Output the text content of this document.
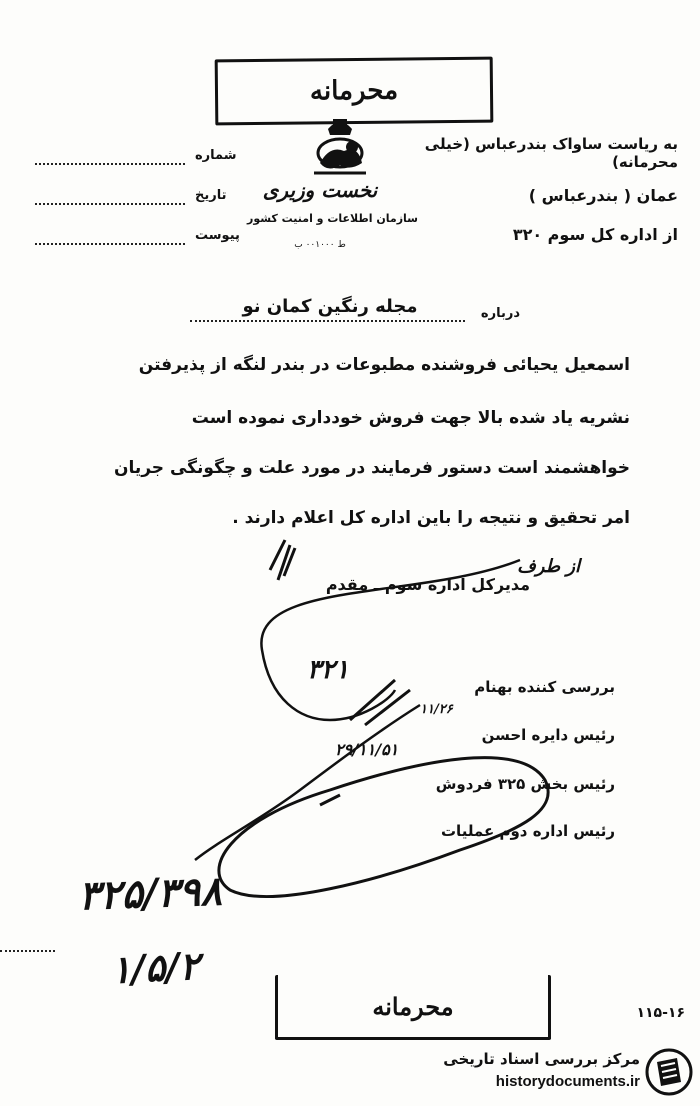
محرمانه
به ریاست ساواک بندرعباس (خیلی محرمانه)
شماره
تاریخ
پیوست
نخست وزیری
سازمان اطلاعات و امنیت کشور
ط ۰۰۱۰۰۰ ب
عمان ( بندرعباس )
از اداره کل سوم ۳۲۰
درباره
مجله رنگین کمان نو
اسمعیل یحیائی فروشنده مطبوعات در بندر لنگه از پذیرفتن
نشریه یاد شده بالا جهت فروش خودداری نموده است
خواهشمند است دستور فرمایند در مورد علت و چگونگی جریان
امر تحقیق و نتیجه را باین اداره کل اعلام دارند .
از طرف
مدیرکل اداره سوم ـ مقدم
۳۲۱
بررسی کننده بهنام
رئیس دایره احسن
رئیس بخش ۳۲۵ فردوش
رئیس اداره دوم عملیات
۱۱/۲۶
۲۹/۱۱/۵۱
۳۲۵/۳۹۸
۱/۵/۲
محرمانه	۱۱۵-۱۶
مرکز بررسی اسناد تاریخی
historydocuments.ir
